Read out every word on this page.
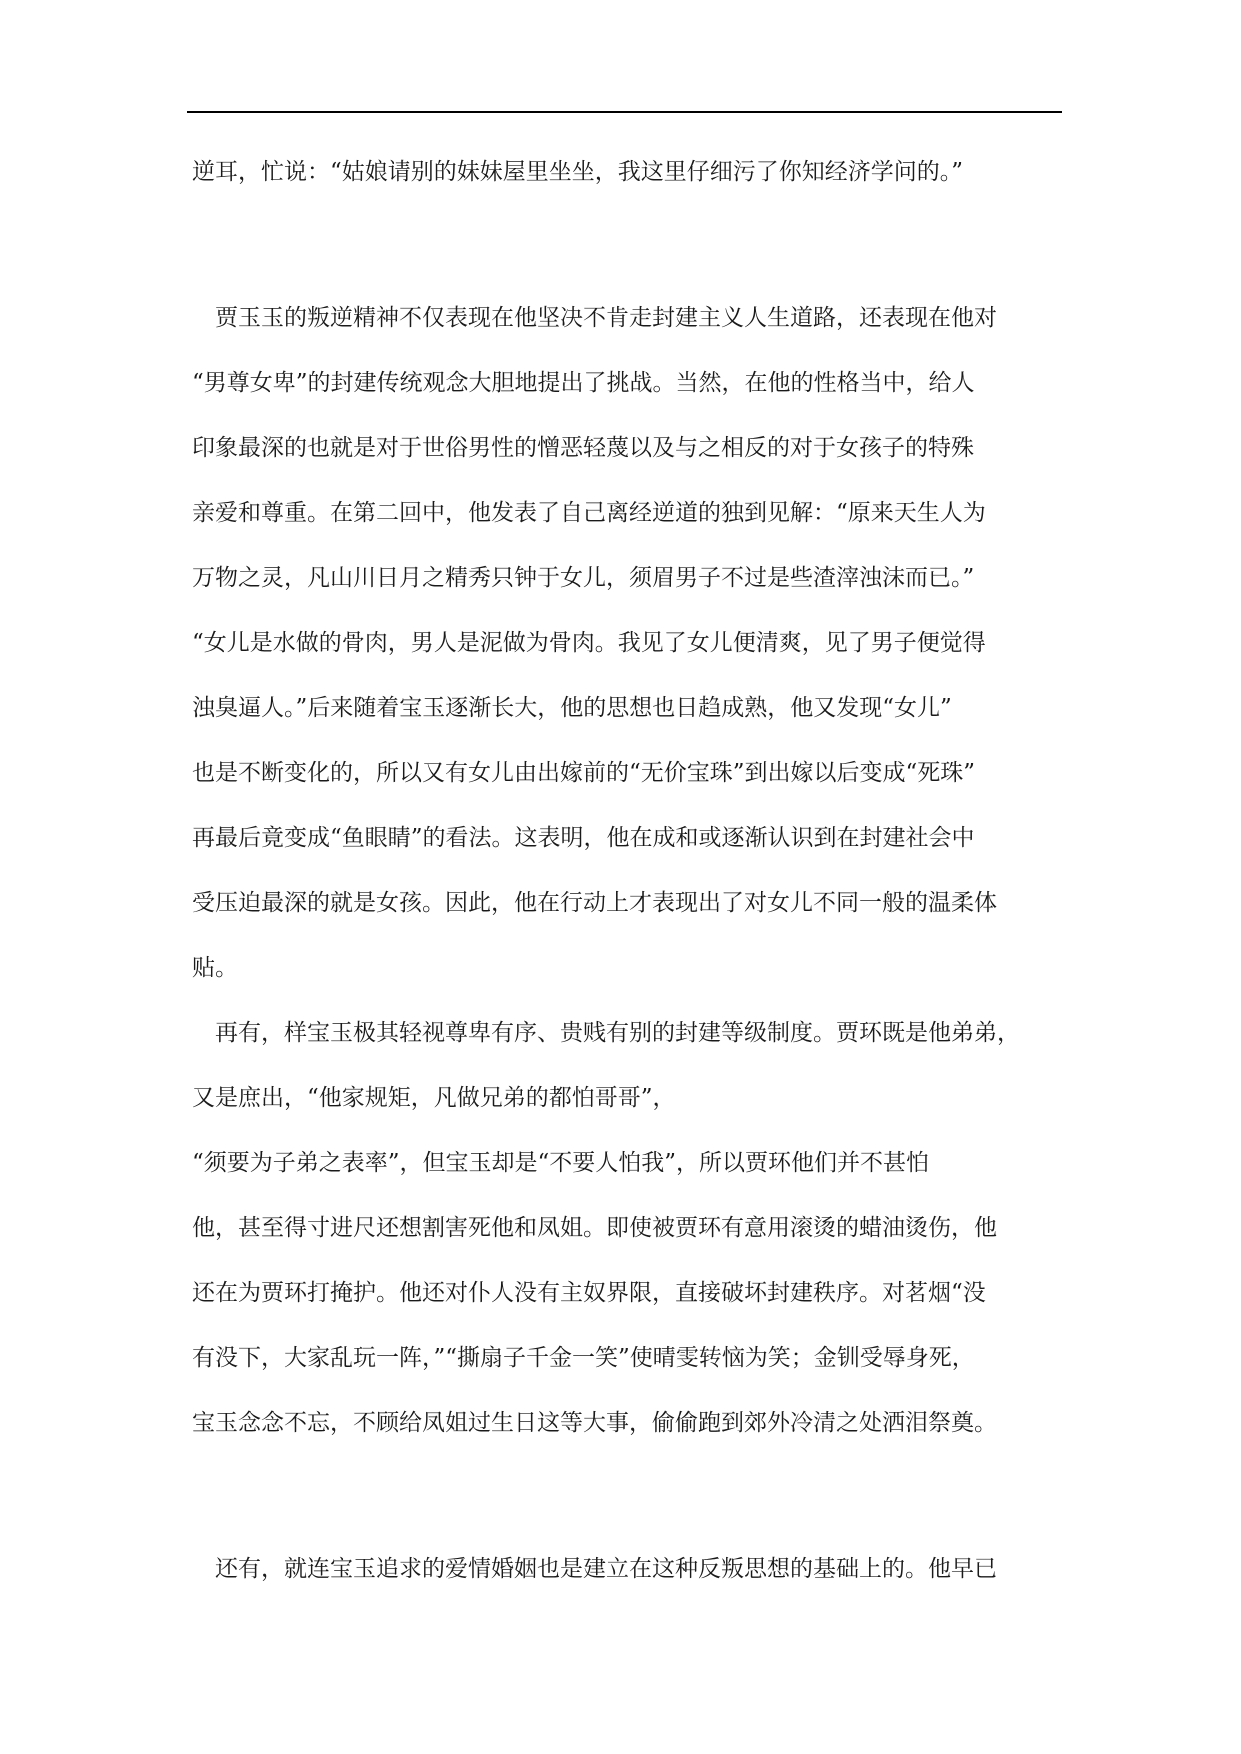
逆耳，忙说：“姑娘请别的妹妹屋里坐坐，我这里仔细污了你知经济学问的。”
　贾玉玉的叛逆精神不仅表现在他坚决不肯走封建主义人生道路，还表现在他对
“男尊女卑”的封建传统观念大胆地提出了挑战。当然，在他的性格当中，给人
印象最深的也就是对于世俗男性的憎恶轻蔑以及与之相反的对于女孩子的特殊
亲爱和尊重。在第二回中，他发表了自己离经逆道的独到见解：“原来天生人为
万物之灵，凡山川日月之精秀只钟于女儿，须眉男子不过是些渣滓浊沫而已。”
“女儿是水做的骨肉，男人是泥做为骨肉。我见了女儿便清爽，见了男子便觉得
浊臭逼人。”后来随着宝玉逐渐长大，他的思想也日趋成熟，他又发现“女儿”
也是不断变化的，所以又有女儿由出嫁前的“无价宝珠”到出嫁以后变成“死珠”
再最后竟变成“鱼眼睛”的看法。这表明，他在成和或逐渐认识到在封建社会中
受压迫最深的就是女孩。因此，他在行动上才表现出了对女儿不同一般的温柔体
贴。
　再有，样宝玉极其轻视尊卑有序、贵贱有别的封建等级制度。贾环既是他弟弟，
又是庶出，“他家规矩，凡做兄弟的都怕哥哥”，
“须要为子弟之表率”，但宝玉却是“不要人怕我”，所以贾环他们并不甚怕
他，甚至得寸进尺还想割害死他和凤姐。即使被贾环有意用滚烫的蜡油烫伤，他
还在为贾环打掩护。他还对仆人没有主奴界限，直接破坏封建秩序。对茗烟“没
有没下，大家乱玩一阵，”“撕扇子千金一笑”使晴雯转恼为笑；金钏受辱身死，
宝玉念念不忘，不顾给凤姐过生日这等大事，偷偷跑到郊外冷清之处洒泪祭奠。
　还有，就连宝玉追求的爱情婚姻也是建立在这种反叛思想的基础上的。他早已
